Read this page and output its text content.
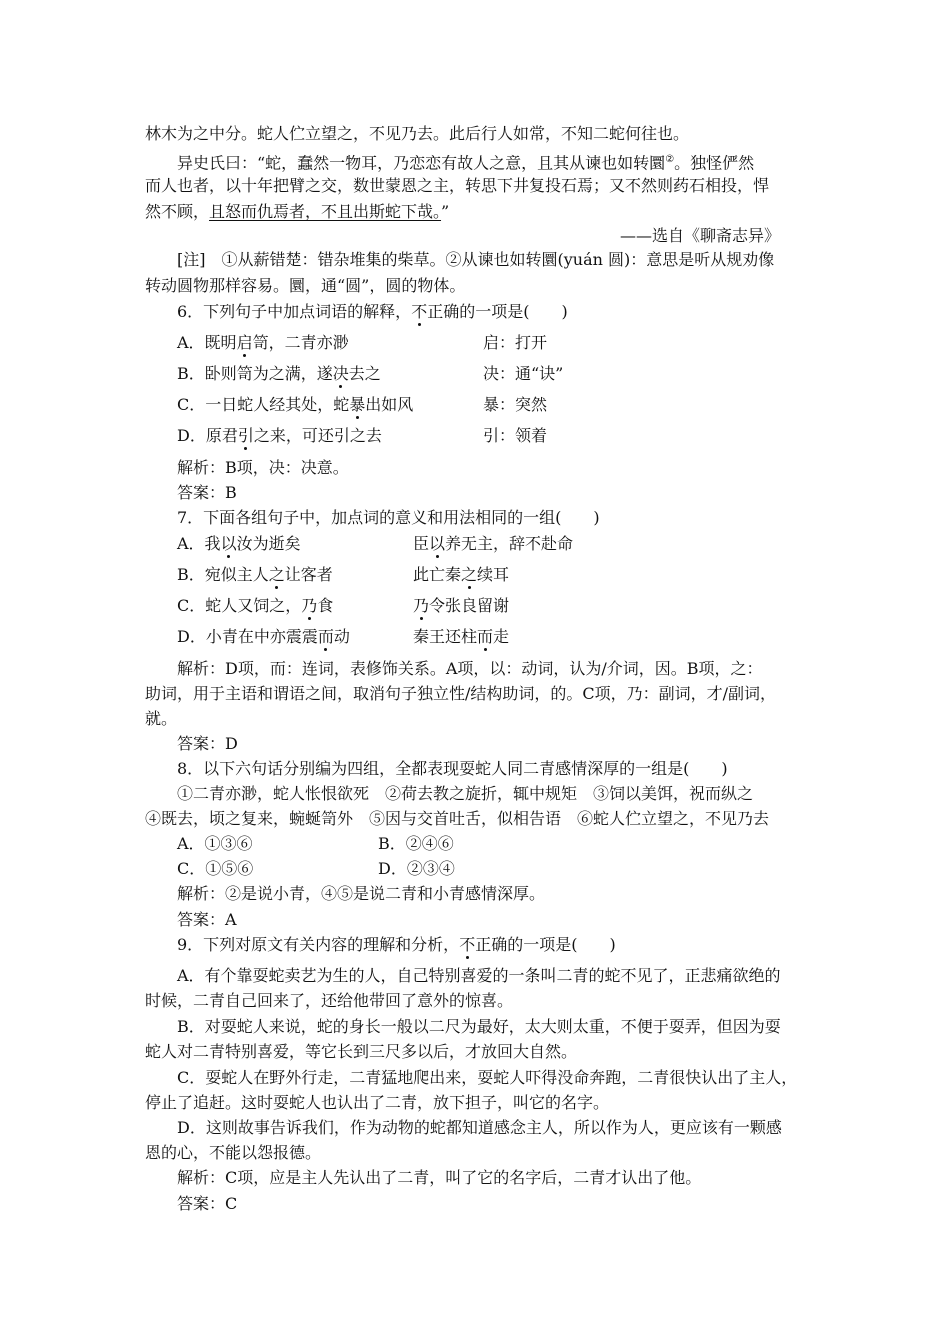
林木为之中分。蛇人伫立望之，不见乃去。此后行人如常，不知二蛇何往也。
异史氏曰：“蛇，蠢然一物耳，乃恋恋有故人之意，且其从谏也如转圜②。独怪俨然
而人也者，以十年把臂之交，数世蒙恩之主，转思下井复投石焉；又不然则药石相投，悍
然不顾，且怒而仇焉者，不且出斯蛇下哉。”
——选自《聊斋志异》
[注]　①从薪错楚：错杂堆集的柴草。②从谏也如转圜(yuán 圆)：意思是听从规劝像
转动圆物那样容易。圜，通“圆”，圆的物体。
6．下列句子中加点词语的解释，不正确的一项是(　　)
A．既明启笥，二青亦渺	启：打开
B．卧则笥为之满，遂决去之	决：通“诀”
C．一日蛇人经其处，蛇暴出如风	暴：突然
D．原君引之来，可还引之去	引：领着
解析：B项，决：决意。
答案：B
7．下面各组句子中，加点词的意义和用法相同的一组(　　)
A．我以汝为逝矣	臣以养无主，辞不赴命
B．宛似主人之让客者	此亡秦之续耳
C．蛇人又饲之，乃食	乃令张良留谢
D．小青在中亦震震而动	秦王还柱而走
解析：D项，而：连词，表修饰关系。A项，以：动词，认为/介词，因。B项，之：
助词，用于主语和谓语之间，取消句子独立性/结构助词，的。C项，乃：副词，才/副词，
就。
答案：D
8．以下六句话分别编为四组，全都表现耍蛇人同二青感情深厚的一组是(　　)
①二青亦渺，蛇人怅恨欲死　②荷去教之旋折，辄中规矩　③饲以美饵，祝而纵之
④既去，顷之复来，蜿蜒笥外　⑤因与交首吐舌，似相告语　⑥蛇人伫立望之，不见乃去
A．①③⑥	B．②④⑥
C．①⑤⑥	D．②③④
解析：②是说小青，④⑤是说二青和小青感情深厚。
答案：A
9．下列对原文有关内容的理解和分析，不正确的一项是(　　)
A．有个靠耍蛇卖艺为生的人，自己特别喜爱的一条叫二青的蛇不见了，正悲痛欲绝的
时候，二青自己回来了，还给他带回了意外的惊喜。
B．对耍蛇人来说，蛇的身长一般以二尺为最好，太大则太重，不便于耍弄，但因为耍
蛇人对二青特别喜爱，等它长到三尺多以后，才放回大自然。
C．耍蛇人在野外行走，二青猛地爬出来，耍蛇人吓得没命奔跑，二青很快认出了主人，
停止了追赶。这时耍蛇人也认出了二青，放下担子，叫它的名字。
D．这则故事告诉我们，作为动物的蛇都知道感念主人，所以作为人，更应该有一颗感
恩的心，不能以怨报德。
解析：C项，应是主人先认出了二青，叫了它的名字后，二青才认出了他。
答案：C
